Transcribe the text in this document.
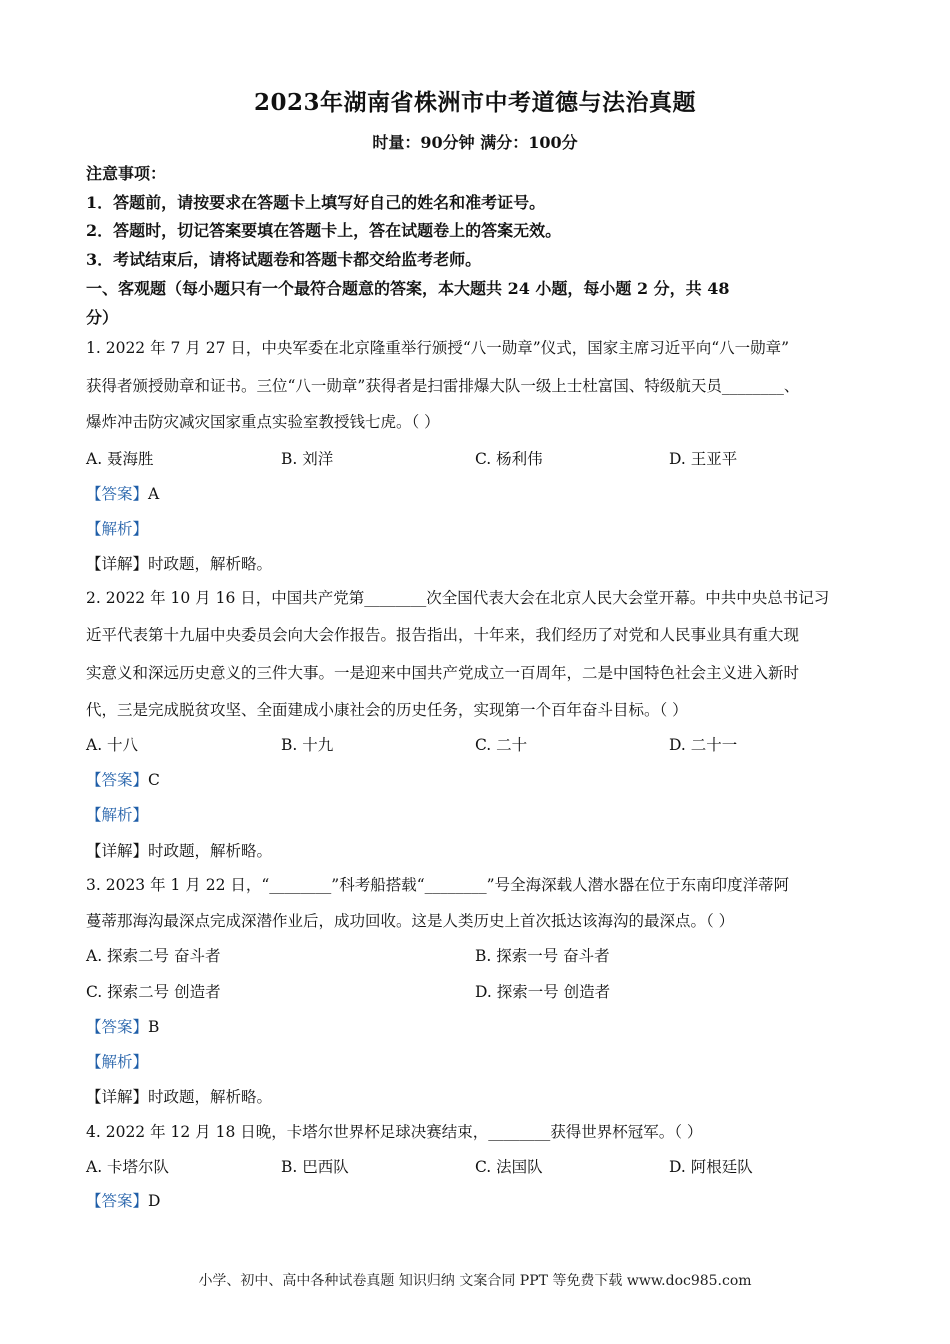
2023年湖南省株洲市中考道德与法治真题
时量：90分钟 满分：100分
注意事项：
1．答题前，请按要求在答题卡上填写好自己的姓名和准考证号。
2．答题时，切记答案要填在答题卡上，答在试题卷上的答案无效。
3．考试结束后，请将试题卷和答题卡都交给监考老师。
一、客观题（每小题只有一个最符合题意的答案，本大题共 24 小题，每小题 2 分，共 48
分）
1. 2022 年 7 月 27 日，中央军委在北京隆重举行颁授“八一勋章”仪式，国家主席习近平向“八一勋章”
获得者颁授勋章和证书。三位“八一勋章”获得者是扫雷排爆大队一级上士杜富国、特级航天员________、
爆炸冲击防灾减灾国家重点实验室教授钱七虎。（ ）
A. 聂海胜	B. 刘洋	C. 杨利伟	D. 王亚平
【答案】A
【解析】
【详解】时政题，解析略。
2. 2022 年 10 月 16 日，中国共产党第________次全国代表大会在北京人民大会堂开幕。中共中央总书记习
近平代表第十九届中央委员会向大会作报告。报告指出，十年来，我们经历了对党和人民事业具有重大现
实意义和深远历史意义的三件大事。一是迎来中国共产党成立一百周年，二是中国特色社会主义进入新时
代，三是完成脱贫攻坚、全面建成小康社会的历史任务，实现第一个百年奋斗目标。（ ）
A. 十八	B. 十九	C. 二十	D. 二十一
【答案】C
【解析】
【详解】时政题，解析略。
3. 2023 年 1 月 22 日，“________”科考船搭载“________”号全海深载人潜水器在位于东南印度洋蒂阿
蔓蒂那海沟最深点完成深潜作业后，成功回收。这是人类历史上首次抵达该海沟的最深点。（ ）
A. 探索二号 奋斗者	B. 探索一号 奋斗者
C. 探索二号 创造者	D. 探索一号 创造者
【答案】B
【解析】
【详解】时政题，解析略。
4. 2022 年 12 月 18 日晚，卡塔尔世界杯足球决赛结束，________获得世界杯冠军。（ ）
A. 卡塔尔队	B. 巴西队	C. 法国队	D. 阿根廷队
【答案】D
小学、初中、高中各种试卷真题 知识归纳 文案合同 PPT 等免费下载 www.doc985.com
